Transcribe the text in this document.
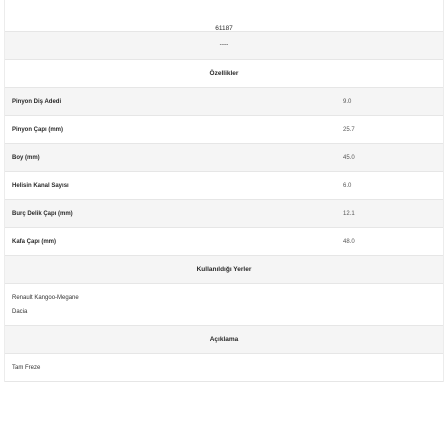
61187
----
Özellikler
Pinyon Diş Adedi	9.0
Pinyon Çapı (mm)	25.7
Boy (mm)	45.0
Helisin Kanal Sayısı	6.0
Burç Delik Çapı (mm)	12.1
Kafa Çapı (mm)	48.0
Kullanıldığı Yerler
Renault Kangoo-Megane
Dacia
Açıklama
Tam Freze
